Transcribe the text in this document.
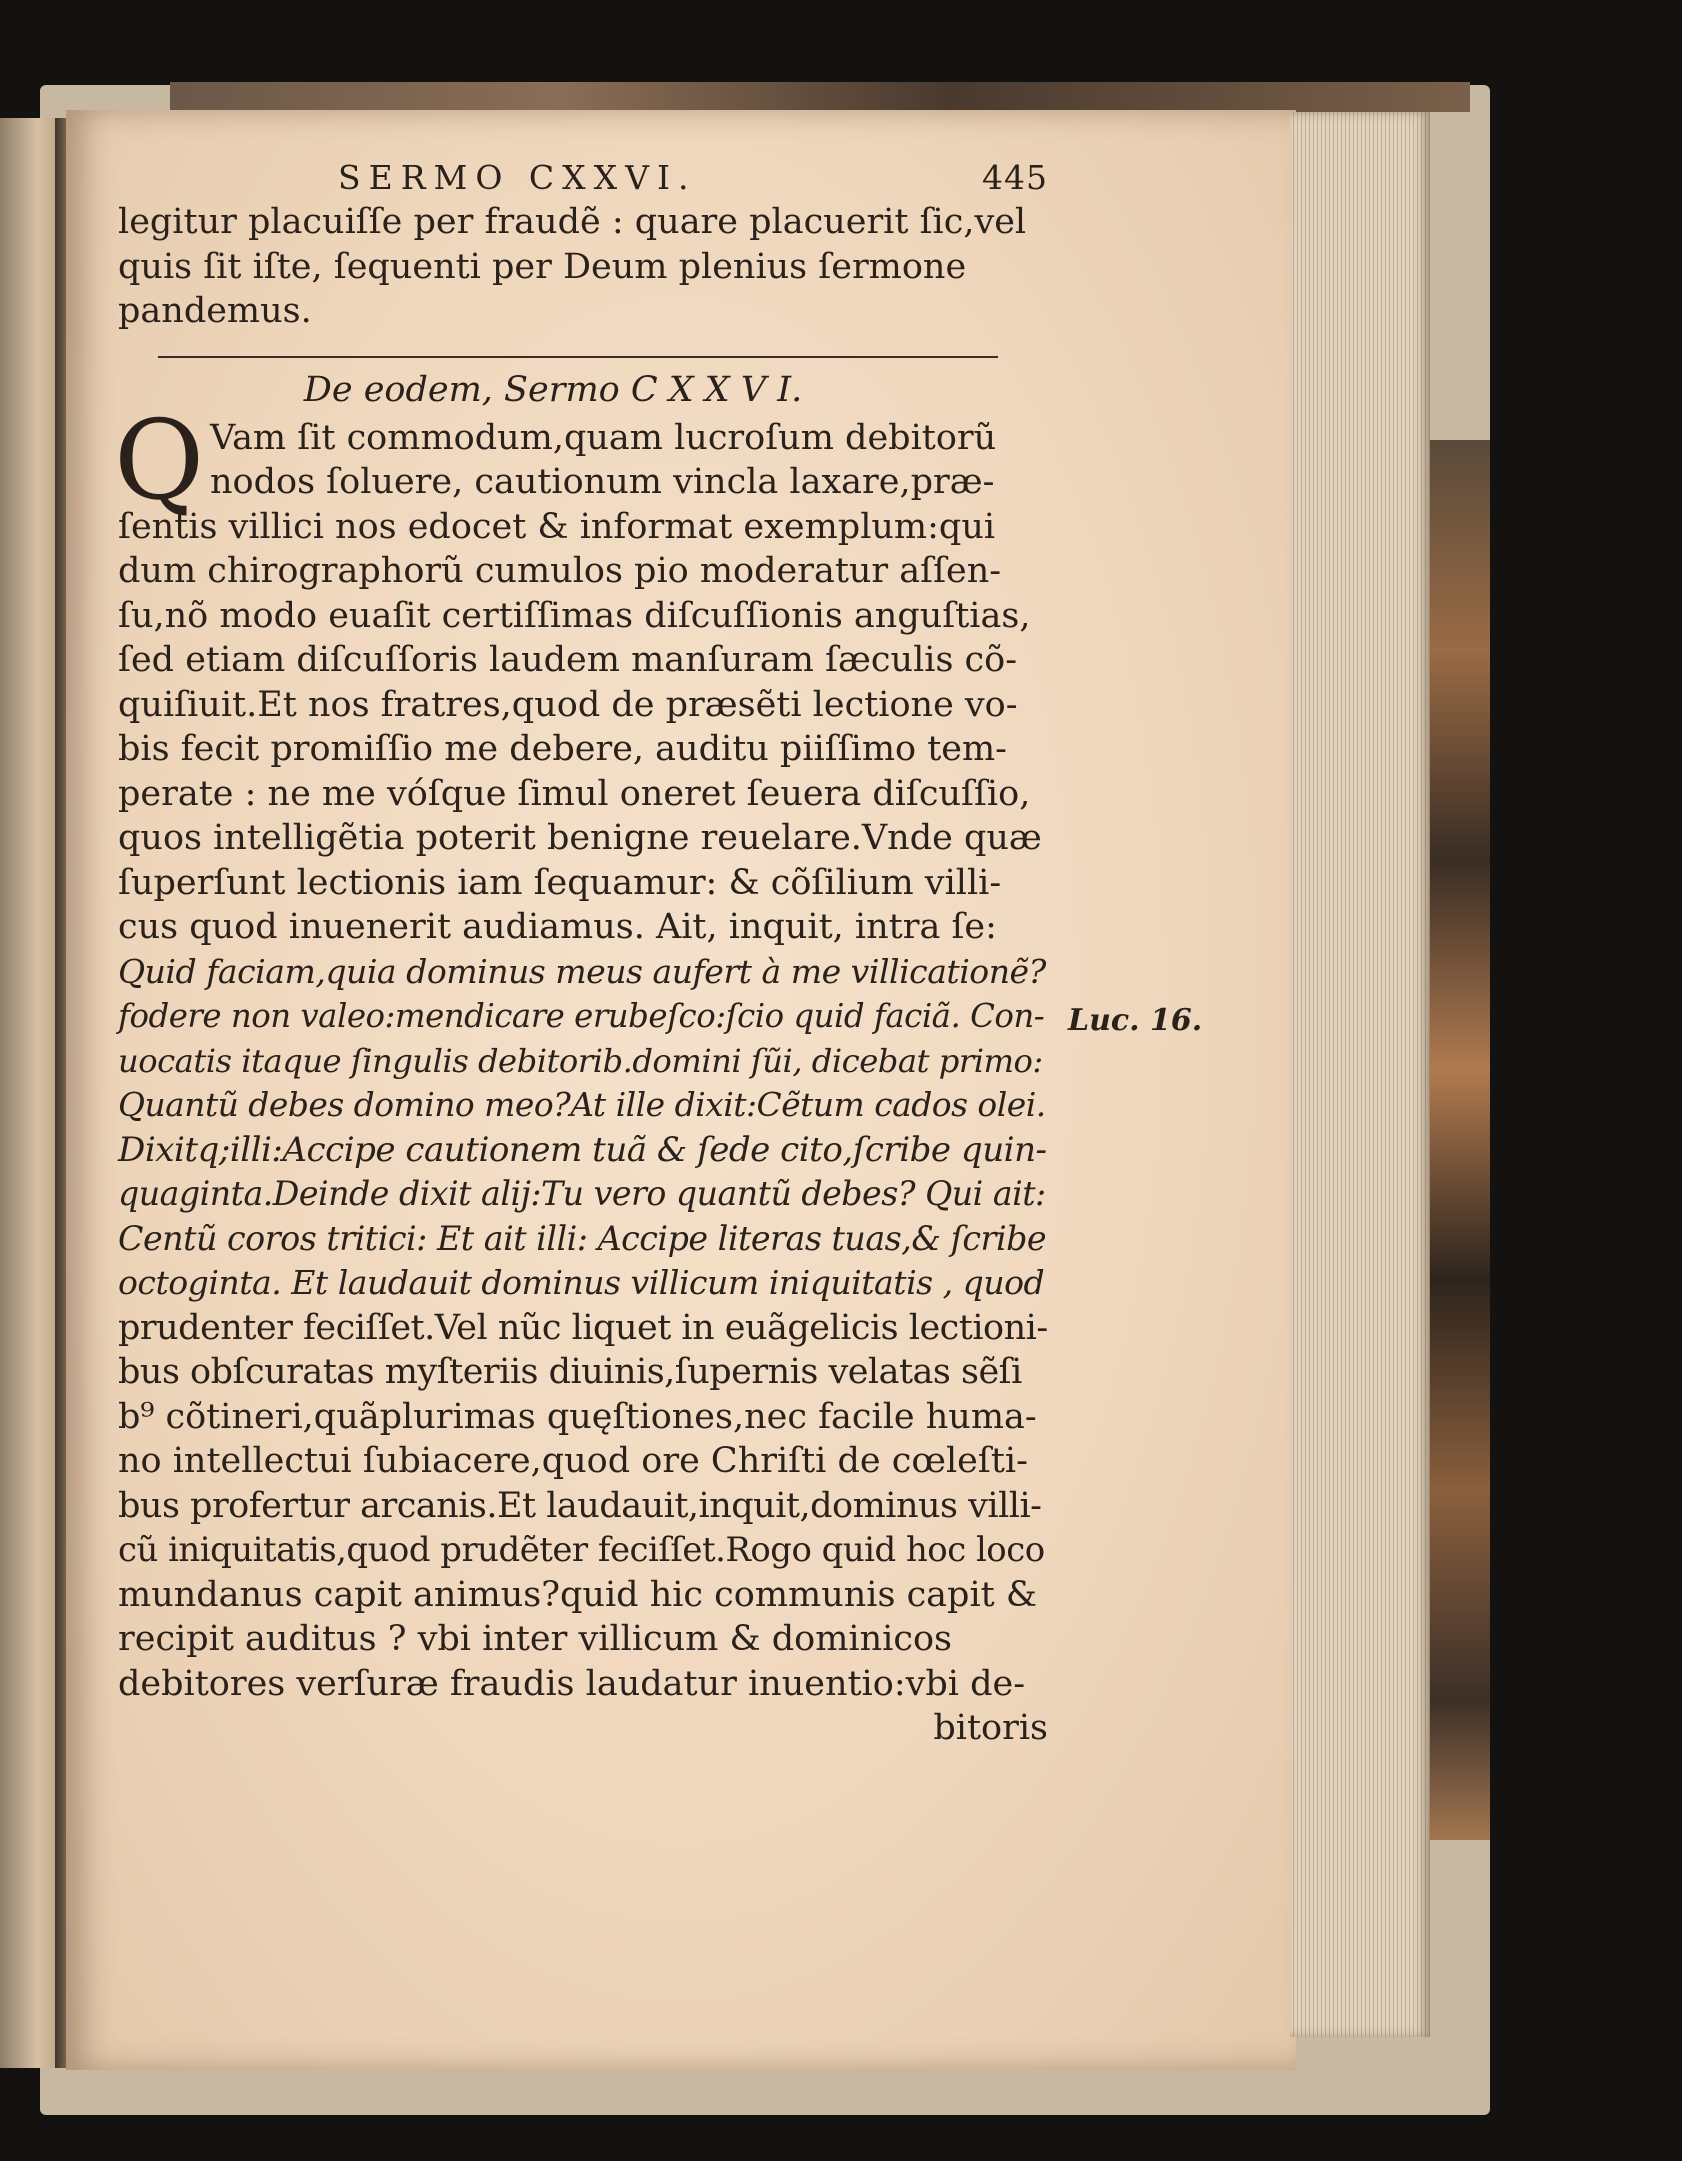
SERMO CXXVI.	445
legitur placuiſſe per fraudẽ : quare placuerit ſic,vel
quis ſit iſte, ſequenti per Deum plenius ſermone
pandemus.
De eodem, Sermo C X X V I.
Q Vam ſit commodum,quam lucroſum debitorũ
nodos ſoluere, cautionum vincla laxare,præ-
ſentis villici nos edocet & informat exemplum:qui
dum chirographorũ cumulos pio moderatur aſſen-
ſu,nõ modo euaſit certiſſimas diſcuſſionis anguſtias,
ſed etiam diſcuſſoris laudem manſuram ſæculis cõ-
quiſiuit.Et nos fratres,quod de præsẽti lectione vo-
bis fecit promiſſio me debere, auditu piiſſimo tem-
perate : ne me vóſque ſimul oneret ſeuera diſcuſſio,
quos intelligẽtia poterit benigne reuelare.Vnde quæ
ſuperſunt lectionis iam ſequamur: & cõſilium villi-
cus quod inuenerit audiamus. Ait, inquit, intra ſe:
Quid faciam,quia dominus meus aufert à me villicationẽ?
fodere non valeo:mendicare erubeſco:ſcio quid faciã. Con-
uocatis itaque ſingulis debitorib.domini ſũi, dicebat primo:
Quantũ debes domino meo?At ille dixit:Cẽtum cados olei.
Dixitq;illi:Accipe cautionem tuã & ſede cito,ſcribe quin-
quaginta.Deinde dixit alij:Tu vero quantũ debes? Qui ait:
Centũ coros tritici: Et ait illi: Accipe literas tuas,& ſcribe
octoginta. Et laudauit dominus villicum iniquitatis , quod
prudenter feciſſet.Vel nũc liquet in euãgelicis lectioni-
bus obſcuratas myſteriis diuinis,ſupernis velatas sẽſi
b⁹ cõtineri,quãplurimas quęſtiones,nec facile huma-
no intellectui ſubiacere,quod ore Chriſti de cœleſti-
bus profertur arcanis.Et laudauit,inquit,dominus villi-
cũ iniquitatis,quod prudẽter feciſſet.Rogo quid hoc loco
mundanus capit animus?quid hic communis capit &
recipit auditus ? vbi inter villicum & dominicos
debitores verſuræ fraudis laudatur inuentio:vbi de-
bitoris
Luc. 16.
